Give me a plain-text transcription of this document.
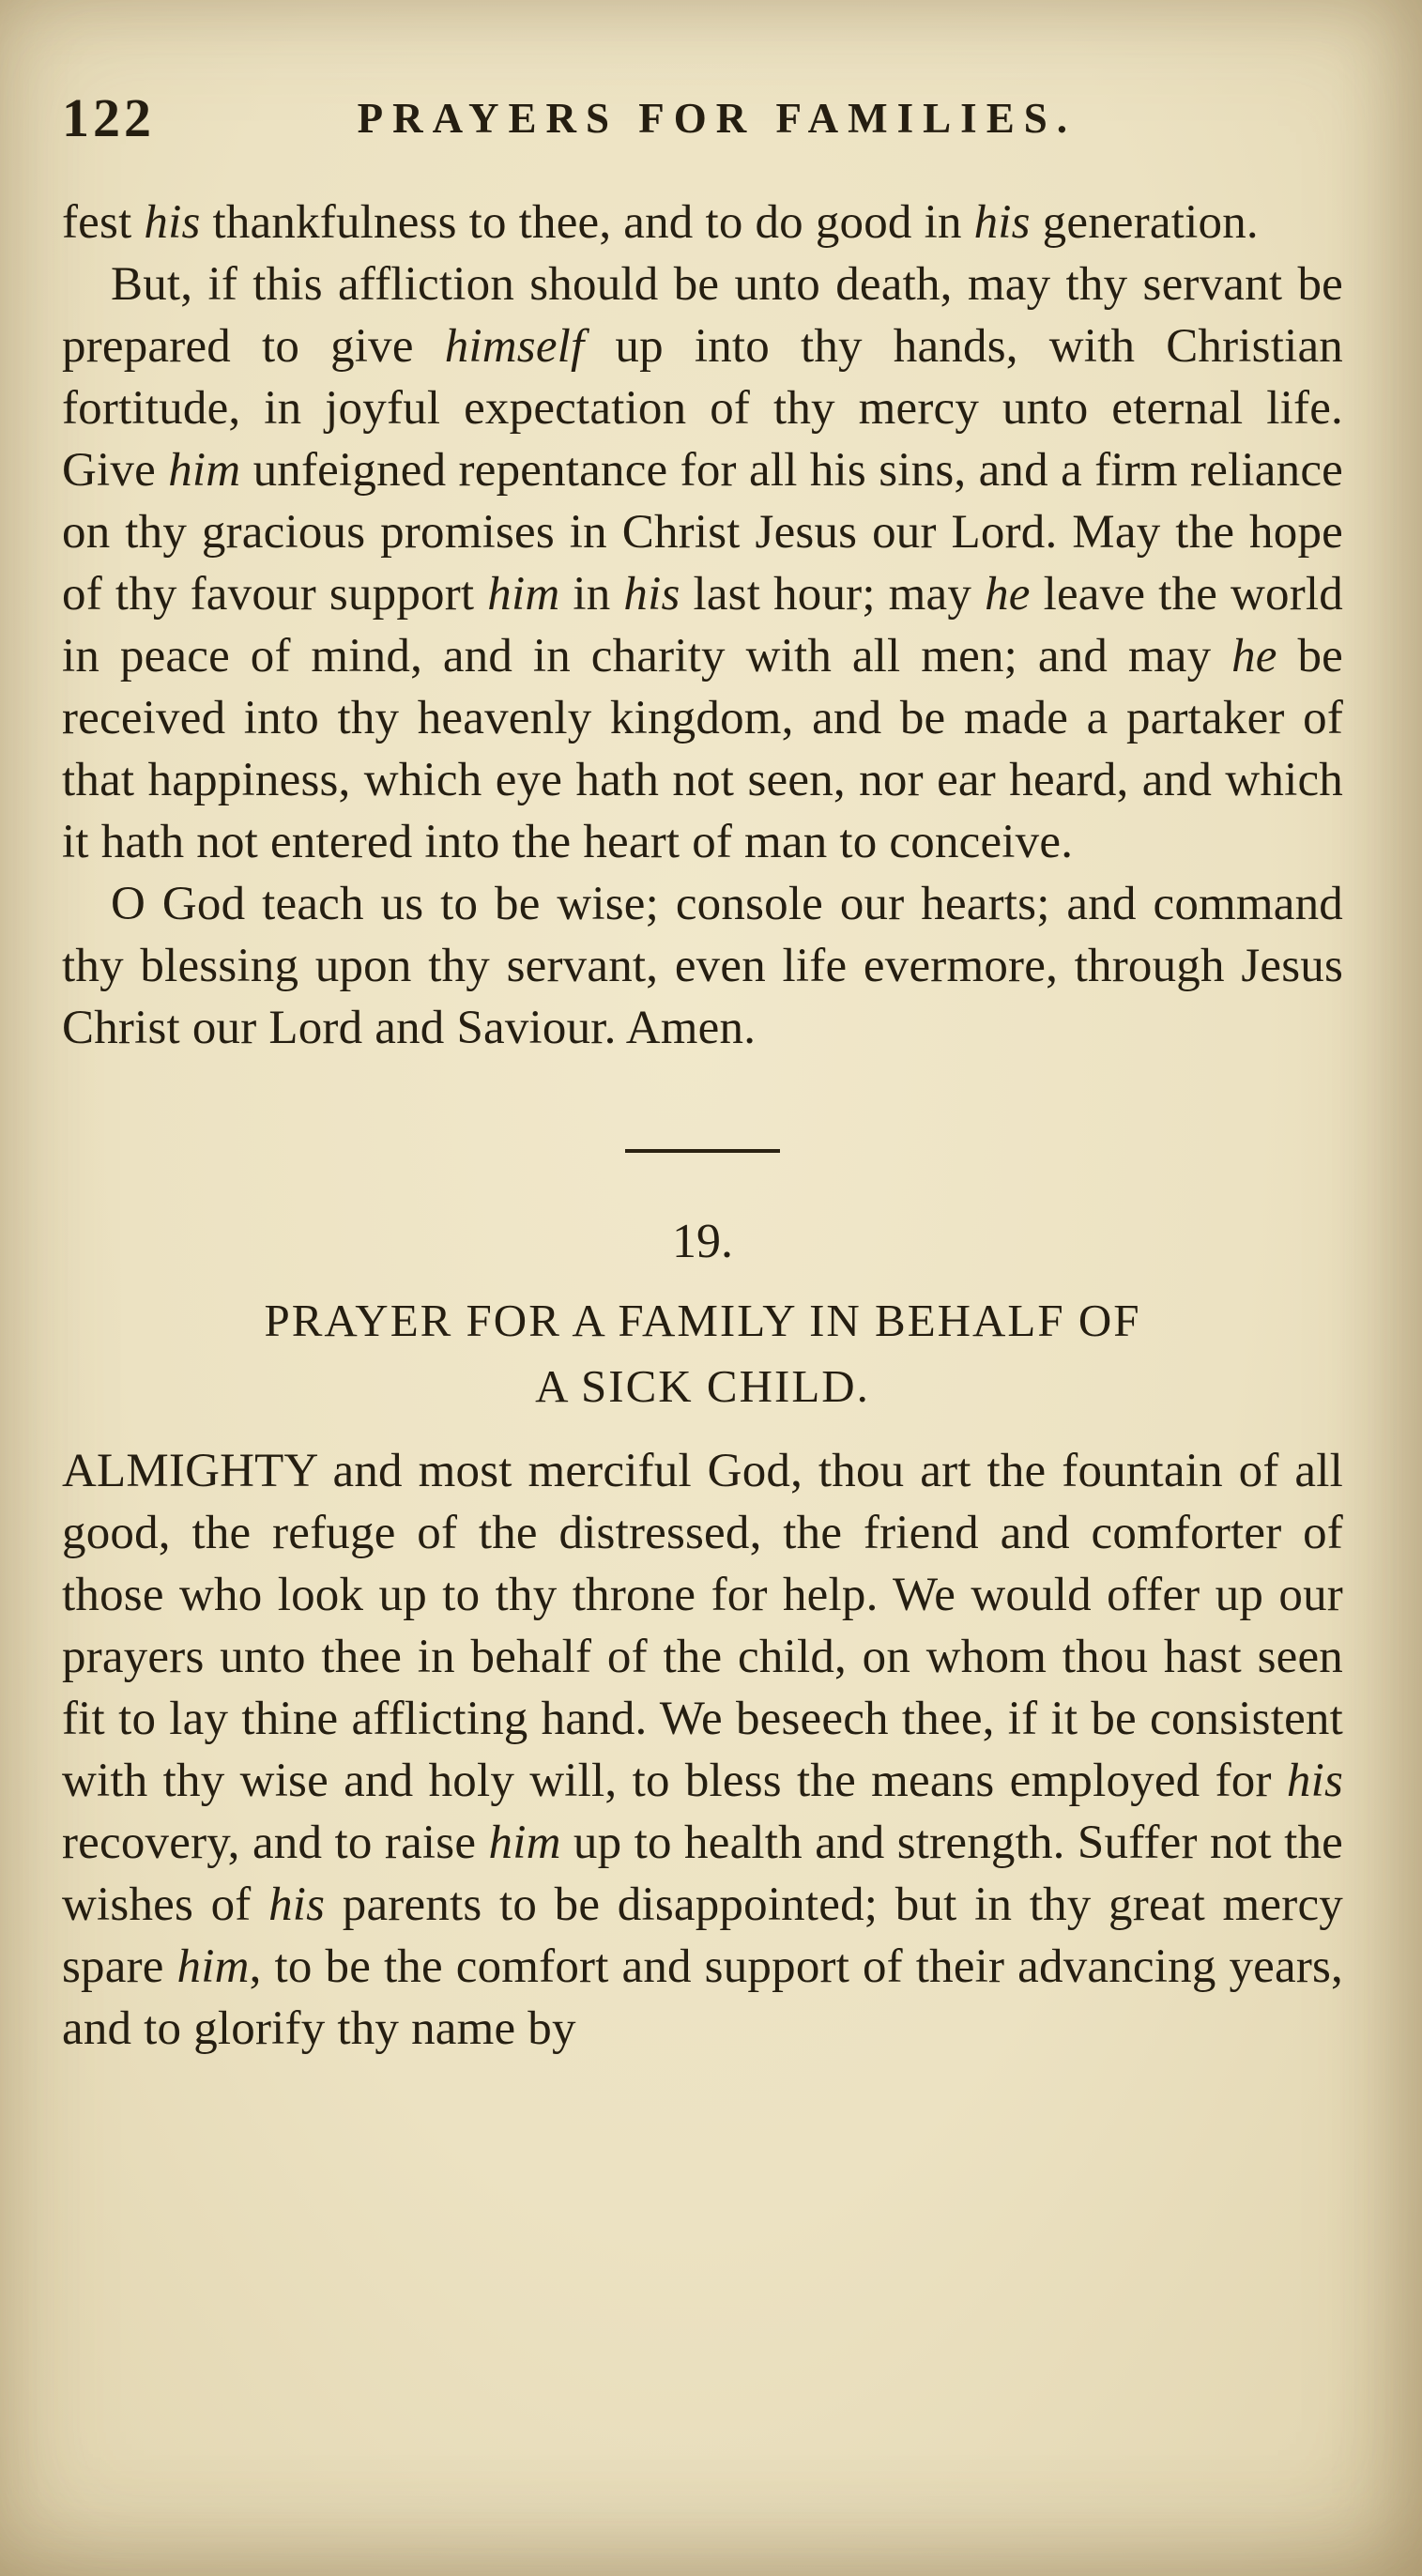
122	PRAYERS FOR FAMILIES.

fest his thankfulness to thee, and to do good in his generation.

But, if this affliction should be unto death, may thy servant be prepared to give himself up into thy hands, with Christian fortitude, in joyful expectation of thy mercy unto eternal life. Give him unfeigned repentance for all his sins, and a firm reliance on thy gracious promises in Christ Jesus our Lord. May the hope of thy favour support him in his last hour; may he leave the world in peace of mind, and in charity with all men; and may he be received into thy heavenly kingdom, and be made a partaker of that happiness, which eye hath not seen, nor ear heard, and which it hath not entered into the heart of man to conceive.

O God teach us to be wise; console our hearts; and command thy blessing upon thy servant, even life evermore, through Jesus Christ our Lord and Saviour. Amen.

19.
PRAYER FOR A FAMILY IN BEHALF OF
A SICK CHILD.

ALMIGHTY and most merciful God, thou art the fountain of all good, the refuge of the distressed, the friend and comforter of those who look up to thy throne for help. We would offer up our prayers unto thee in behalf of the child, on whom thou hast seen fit to lay thine afflicting hand. We beseech thee, if it be consistent with thy wise and holy will, to bless the means employed for his recovery, and to raise him up to health and strength. Suffer not the wishes of his parents to be disappointed; but in thy great mercy spare him, to be the comfort and support of their advancing years, and to glorify thy name by
